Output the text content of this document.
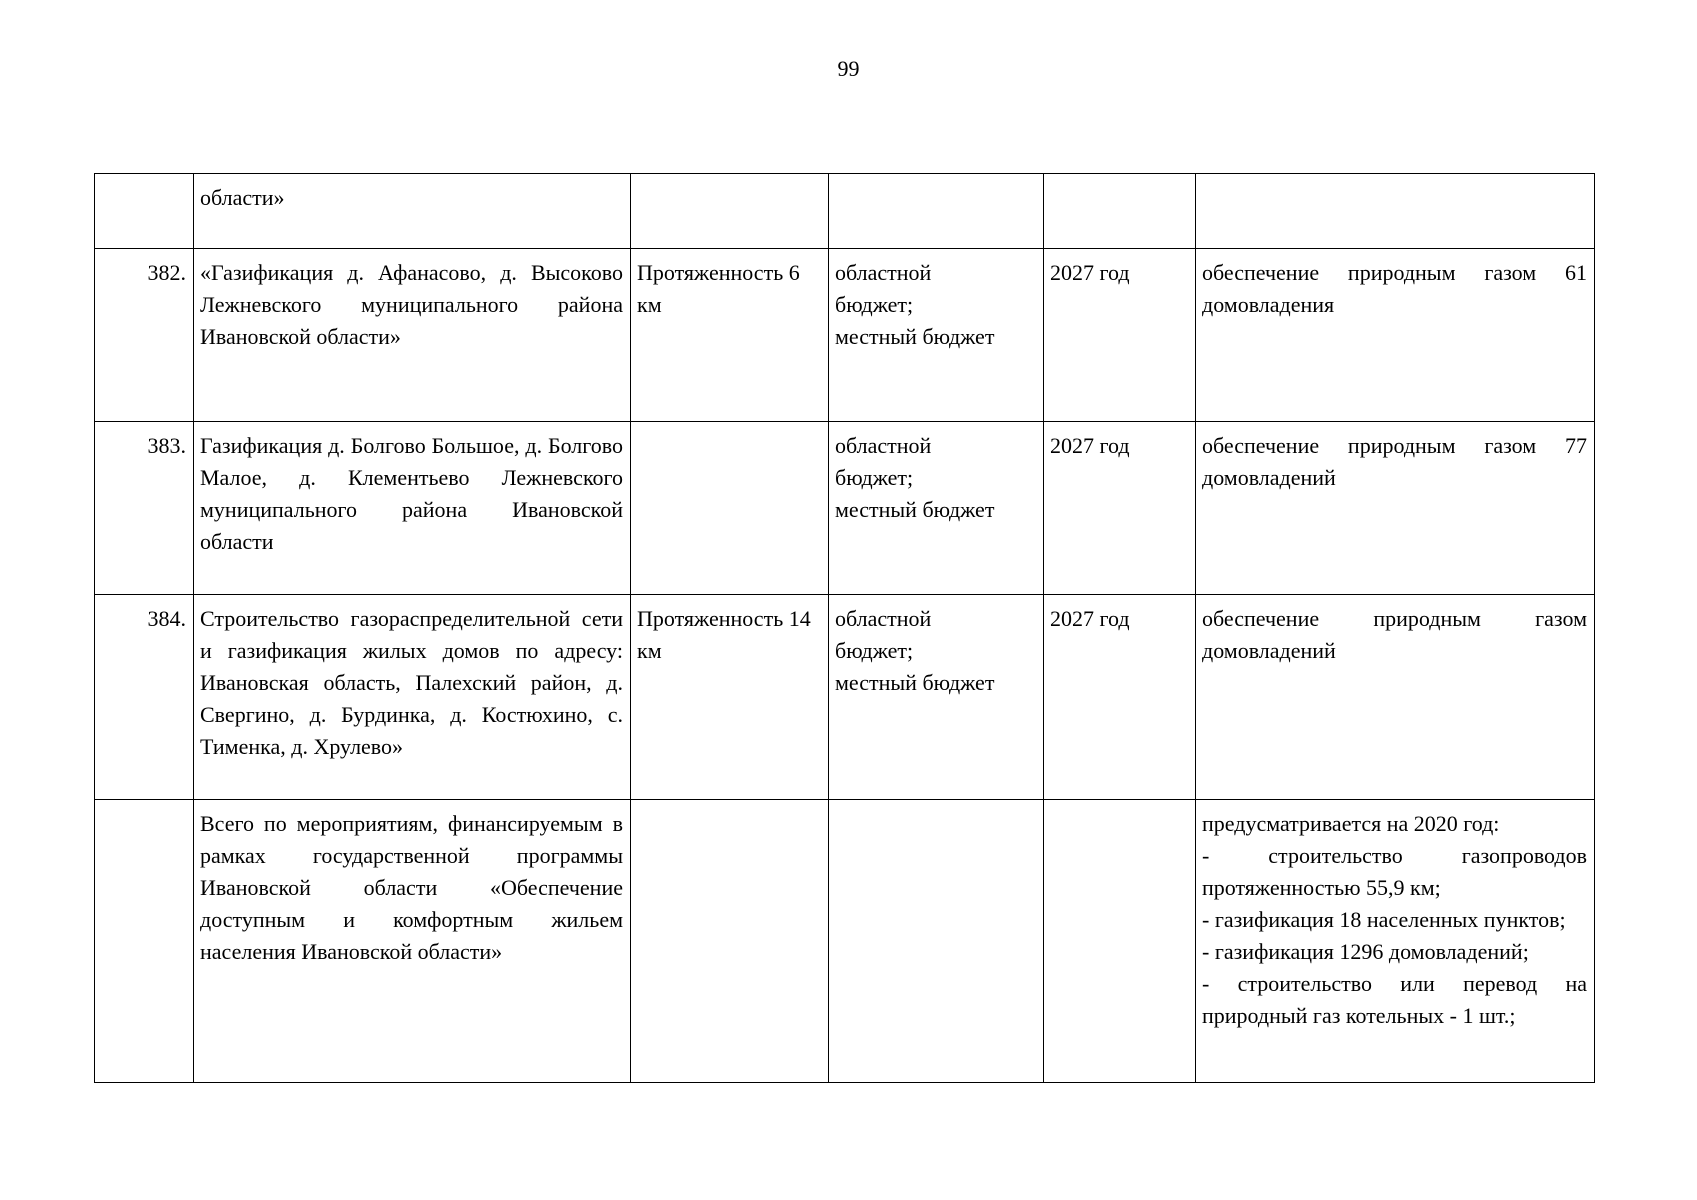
99
	области»				
382.	«Газификация д. Афанасово, д. Высоково Лежневского муниципального района Ивановской области»	Протяженность 6 км	областной
бюджет;
местный бюджет	2027 год	обеспечение природным газом 61 домовладения
383.	Газификация д. Болгово Большое, д. Болгово Малое, д. Клементьево Лежневского муниципального района Ивановской области		областной
бюджет;
местный бюджет	2027 год	обеспечение природным газом 77 домовладений
384.	Строительство газораспределительной сети и газификация жилых домов по адресу: Ивановская область, Палехский район, д. Свергино, д. Бурдинка, д. Костюхино, с. Тименка, д. Хрулево»	Протяженность 14 км	областной
бюджет;
местный бюджет	2027 год	обеспечение природным газом домовладений
	Всего по мероприятиям, финансируемым в рамках государственной программы Ивановской области «Обеспечение доступным и комфортным жильем населения Ивановской области»				предусматривается на 2020 год:
- строительство газопроводов протяженностью 55,9 км;
- газификация 18 населенных пунктов;
- газификация 1296 домовладений;
- строительство или перевод на природный газ котельных - 1 шт.;
